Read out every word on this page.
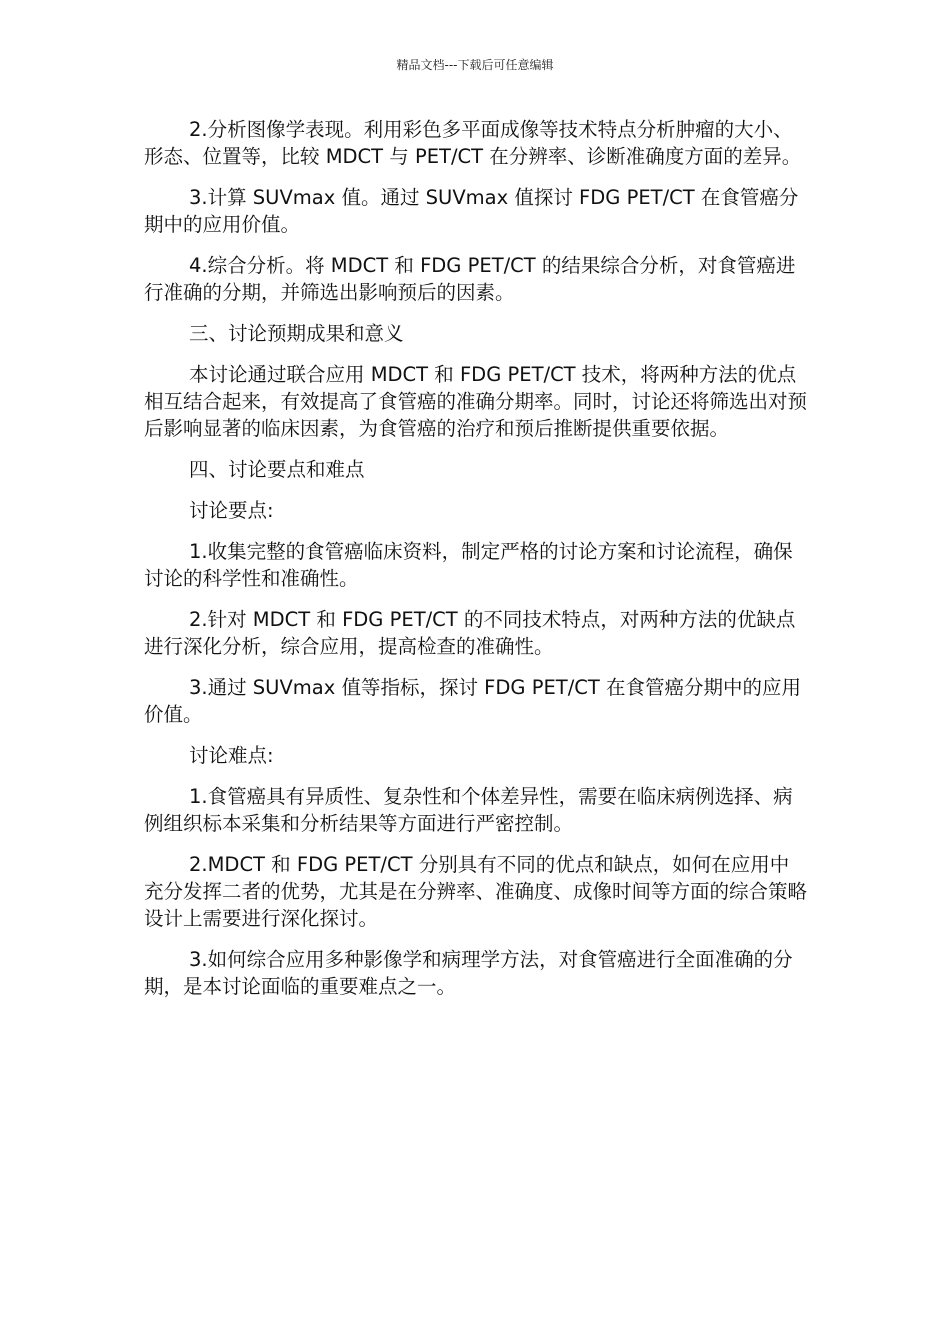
精品文档---下载后可任意编辑

2.分析图像学表现。利用彩色多平面成像等技术特点分析肿瘤的大小、形态、位置等，比较 MDCT 与 PET/CT 在分辨率、诊断准确度方面的差异。

3.计算 SUVmax 值。通过 SUVmax 值探讨 FDG PET/CT 在食管癌分期中的应用价值。

4.综合分析。将 MDCT 和 FDG PET/CT 的结果综合分析，对食管癌进行准确的分期，并筛选出影响预后的因素。

三、讨论预期成果和意义

本讨论通过联合应用 MDCT 和 FDG PET/CT 技术，将两种方法的优点相互结合起来，有效提高了食管癌的准确分期率。同时，讨论还将筛选出对预后影响显著的临床因素，为食管癌的治疗和预后推断提供重要依据。

四、讨论要点和难点

讨论要点:

1.收集完整的食管癌临床资料，制定严格的讨论方案和讨论流程，确保讨论的科学性和准确性。

2.针对 MDCT 和 FDG PET/CT 的不同技术特点，对两种方法的优缺点进行深化分析，综合应用，提高检查的准确性。

3.通过 SUVmax 值等指标，探讨 FDG PET/CT 在食管癌分期中的应用价值。

讨论难点:

1.食管癌具有异质性、复杂性和个体差异性，需要在临床病例选择、病例组织标本采集和分析结果等方面进行严密控制。

2.MDCT 和 FDG PET/CT 分别具有不同的优点和缺点，如何在应用中充分发挥二者的优势，尤其是在分辨率、准确度、成像时间等方面的综合策略设计上需要进行深化探讨。

3.如何综合应用多种影像学和病理学方法，对食管癌进行全面准确的分期，是本讨论面临的重要难点之一。
